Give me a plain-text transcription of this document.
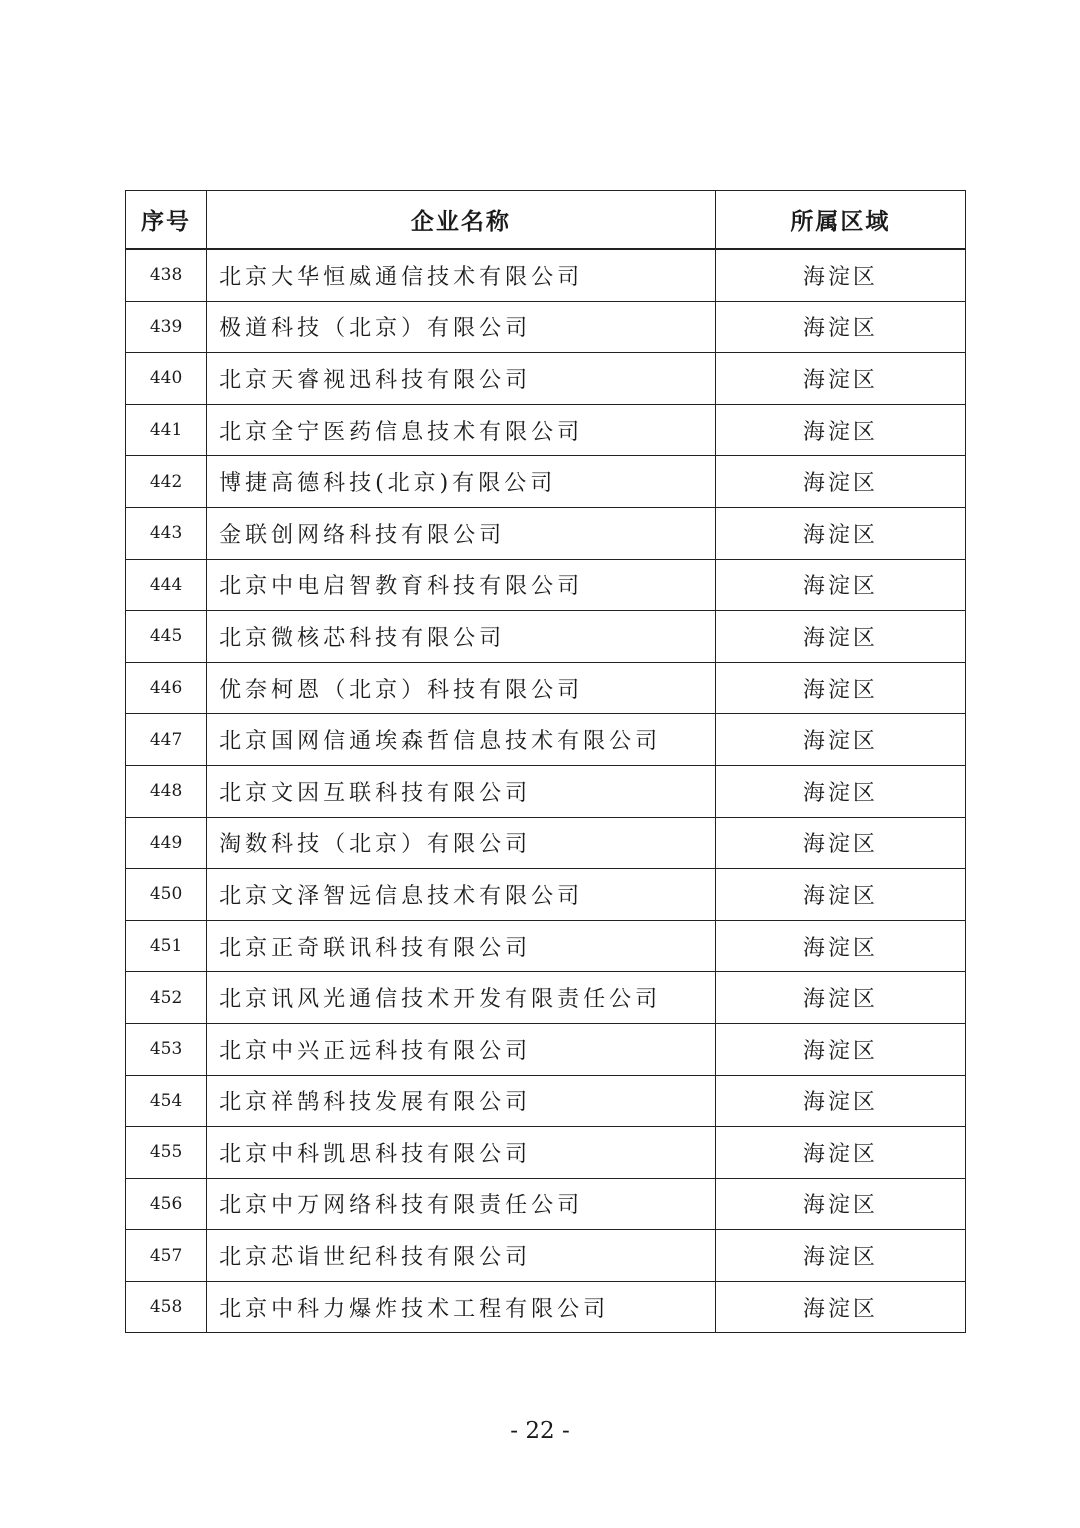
序号	企业名称	所属区域
438	北京大华恒威通信技术有限公司	海淀区
439	极道科技（北京）有限公司	海淀区
440	北京天睿视迅科技有限公司	海淀区
441	北京全宁医药信息技术有限公司	海淀区
442	博捷高德科技(北京)有限公司	海淀区
443	金联创网络科技有限公司	海淀区
444	北京中电启智教育科技有限公司	海淀区
445	北京微核芯科技有限公司	海淀区
446	优奈柯恩（北京）科技有限公司	海淀区
447	北京国网信通埃森哲信息技术有限公司	海淀区
448	北京文因互联科技有限公司	海淀区
449	淘数科技（北京）有限公司	海淀区
450	北京文泽智远信息技术有限公司	海淀区
451	北京正奇联讯科技有限公司	海淀区
452	北京讯风光通信技术开发有限责任公司	海淀区
453	北京中兴正远科技有限公司	海淀区
454	北京祥鹄科技发展有限公司	海淀区
455	北京中科凯思科技有限公司	海淀区
456	北京中万网络科技有限责任公司	海淀区
457	北京芯诣世纪科技有限公司	海淀区
458	北京中科力爆炸技术工程有限公司	海淀区
- 22 -
